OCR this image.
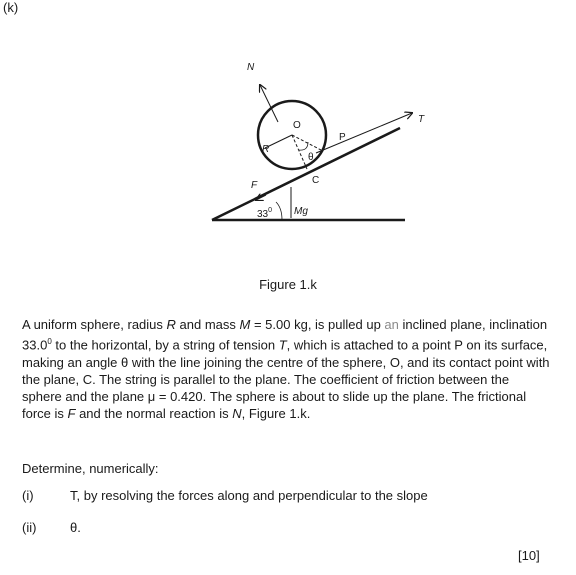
(k)
N
O
R
P
θ
C
F
T
$33^0$ Mg
Figure 1.k

A uniform sphere, radius R and mass M = 5.00 kg, is pulled up an inclined plane, inclination 33.0$^0$ to the horizontal, by a string of tension T, which is attached to a point P on its surface, making an angle θ with the line joining the centre of the sphere, O, and its contact point with the plane, C. The string is parallel to the plane. The coefficient of friction between the sphere and the plane μ = 0.420. The sphere is about to slide up the plane. The frictional force is F and the normal reaction is N, Figure 1.k.

Determine, numerically:
(i)	T, by resolving the forces along and perpendicular to the slope
(ii)	θ.
[10]
